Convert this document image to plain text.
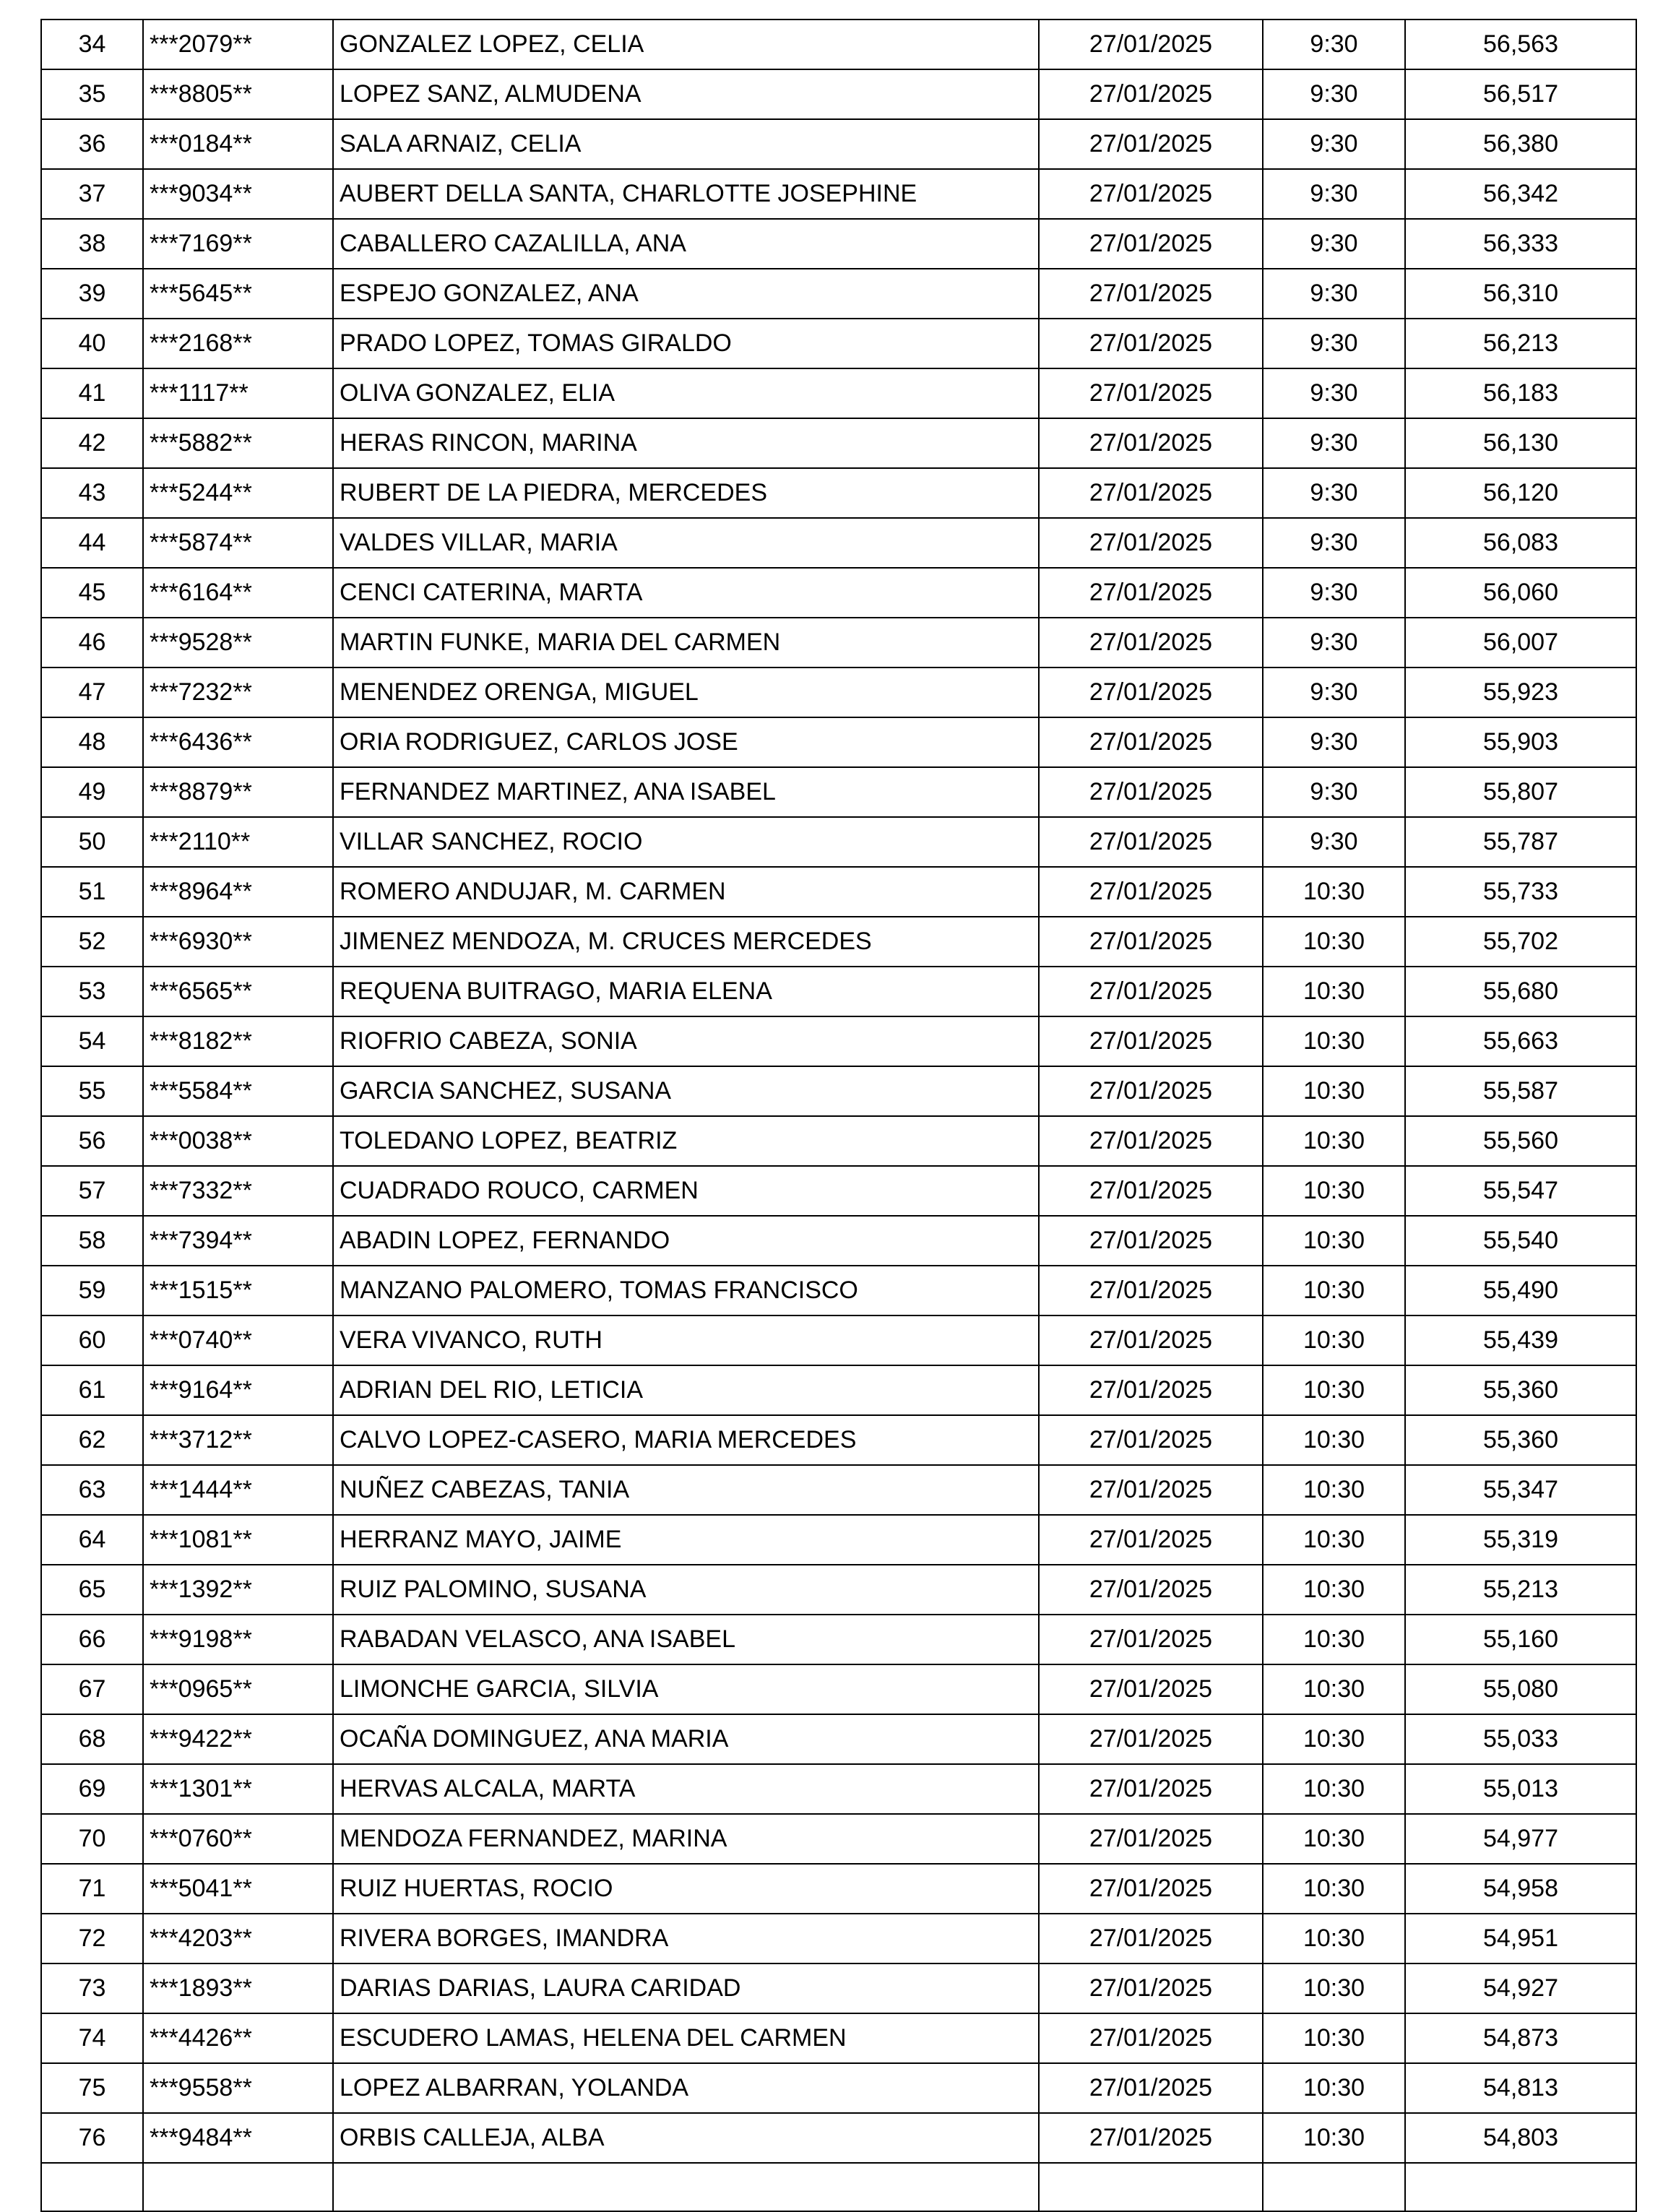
34	***2079**	GONZALEZ LOPEZ, CELIA	27/01/2025	9:30	56,563
35	***8805**	LOPEZ SANZ, ALMUDENA	27/01/2025	9:30	56,517
36	***0184**	SALA ARNAIZ, CELIA	27/01/2025	9:30	56,380
37	***9034**	AUBERT DELLA SANTA, CHARLOTTE JOSEPHINE	27/01/2025	9:30	56,342
38	***7169**	CABALLERO CAZALILLA, ANA	27/01/2025	9:30	56,333
39	***5645**	ESPEJO GONZALEZ, ANA	27/01/2025	9:30	56,310
40	***2168**	PRADO LOPEZ, TOMAS GIRALDO	27/01/2025	9:30	56,213
41	***1117**	OLIVA GONZALEZ, ELIA	27/01/2025	9:30	56,183
42	***5882**	HERAS RINCON, MARINA	27/01/2025	9:30	56,130
43	***5244**	RUBERT DE LA PIEDRA, MERCEDES	27/01/2025	9:30	56,120
44	***5874**	VALDES VILLAR, MARIA	27/01/2025	9:30	56,083
45	***6164**	CENCI CATERINA, MARTA	27/01/2025	9:30	56,060
46	***9528**	MARTIN FUNKE, MARIA DEL CARMEN	27/01/2025	9:30	56,007
47	***7232**	MENENDEZ ORENGA, MIGUEL	27/01/2025	9:30	55,923
48	***6436**	ORIA RODRIGUEZ, CARLOS JOSE	27/01/2025	9:30	55,903
49	***8879**	FERNANDEZ MARTINEZ, ANA ISABEL	27/01/2025	9:30	55,807
50	***2110**	VILLAR SANCHEZ, ROCIO	27/01/2025	9:30	55,787
51	***8964**	ROMERO ANDUJAR, M. CARMEN	27/01/2025	10:30	55,733
52	***6930**	JIMENEZ MENDOZA, M. CRUCES MERCEDES	27/01/2025	10:30	55,702
53	***6565**	REQUENA BUITRAGO, MARIA ELENA	27/01/2025	10:30	55,680
54	***8182**	RIOFRIO CABEZA, SONIA	27/01/2025	10:30	55,663
55	***5584**	GARCIA SANCHEZ, SUSANA	27/01/2025	10:30	55,587
56	***0038**	TOLEDANO LOPEZ, BEATRIZ	27/01/2025	10:30	55,560
57	***7332**	CUADRADO ROUCO, CARMEN	27/01/2025	10:30	55,547
58	***7394**	ABADIN LOPEZ, FERNANDO	27/01/2025	10:30	55,540
59	***1515**	MANZANO PALOMERO, TOMAS FRANCISCO	27/01/2025	10:30	55,490
60	***0740**	VERA VIVANCO, RUTH	27/01/2025	10:30	55,439
61	***9164**	ADRIAN DEL RIO, LETICIA	27/01/2025	10:30	55,360
62	***3712**	CALVO LOPEZ-CASERO, MARIA MERCEDES	27/01/2025	10:30	55,360
63	***1444**	NUÑEZ CABEZAS, TANIA	27/01/2025	10:30	55,347
64	***1081**	HERRANZ MAYO, JAIME	27/01/2025	10:30	55,319
65	***1392**	RUIZ PALOMINO, SUSANA	27/01/2025	10:30	55,213
66	***9198**	RABADAN VELASCO, ANA ISABEL	27/01/2025	10:30	55,160
67	***0965**	LIMONCHE GARCIA, SILVIA	27/01/2025	10:30	55,080
68	***9422**	OCAÑA DOMINGUEZ, ANA MARIA	27/01/2025	10:30	55,033
69	***1301**	HERVAS ALCALA, MARTA	27/01/2025	10:30	55,013
70	***0760**	MENDOZA FERNANDEZ, MARINA	27/01/2025	10:30	54,977
71	***5041**	RUIZ HUERTAS, ROCIO	27/01/2025	10:30	54,958
72	***4203**	RIVERA BORGES, IMANDRA	27/01/2025	10:30	54,951
73	***1893**	DARIAS DARIAS, LAURA CARIDAD	27/01/2025	10:30	54,927
74	***4426**	ESCUDERO LAMAS, HELENA DEL CARMEN	27/01/2025	10:30	54,873
75	***9558**	LOPEZ ALBARRAN, YOLANDA	27/01/2025	10:30	54,813
76	***9484**	ORBIS CALLEJA, ALBA	27/01/2025	10:30	54,803
